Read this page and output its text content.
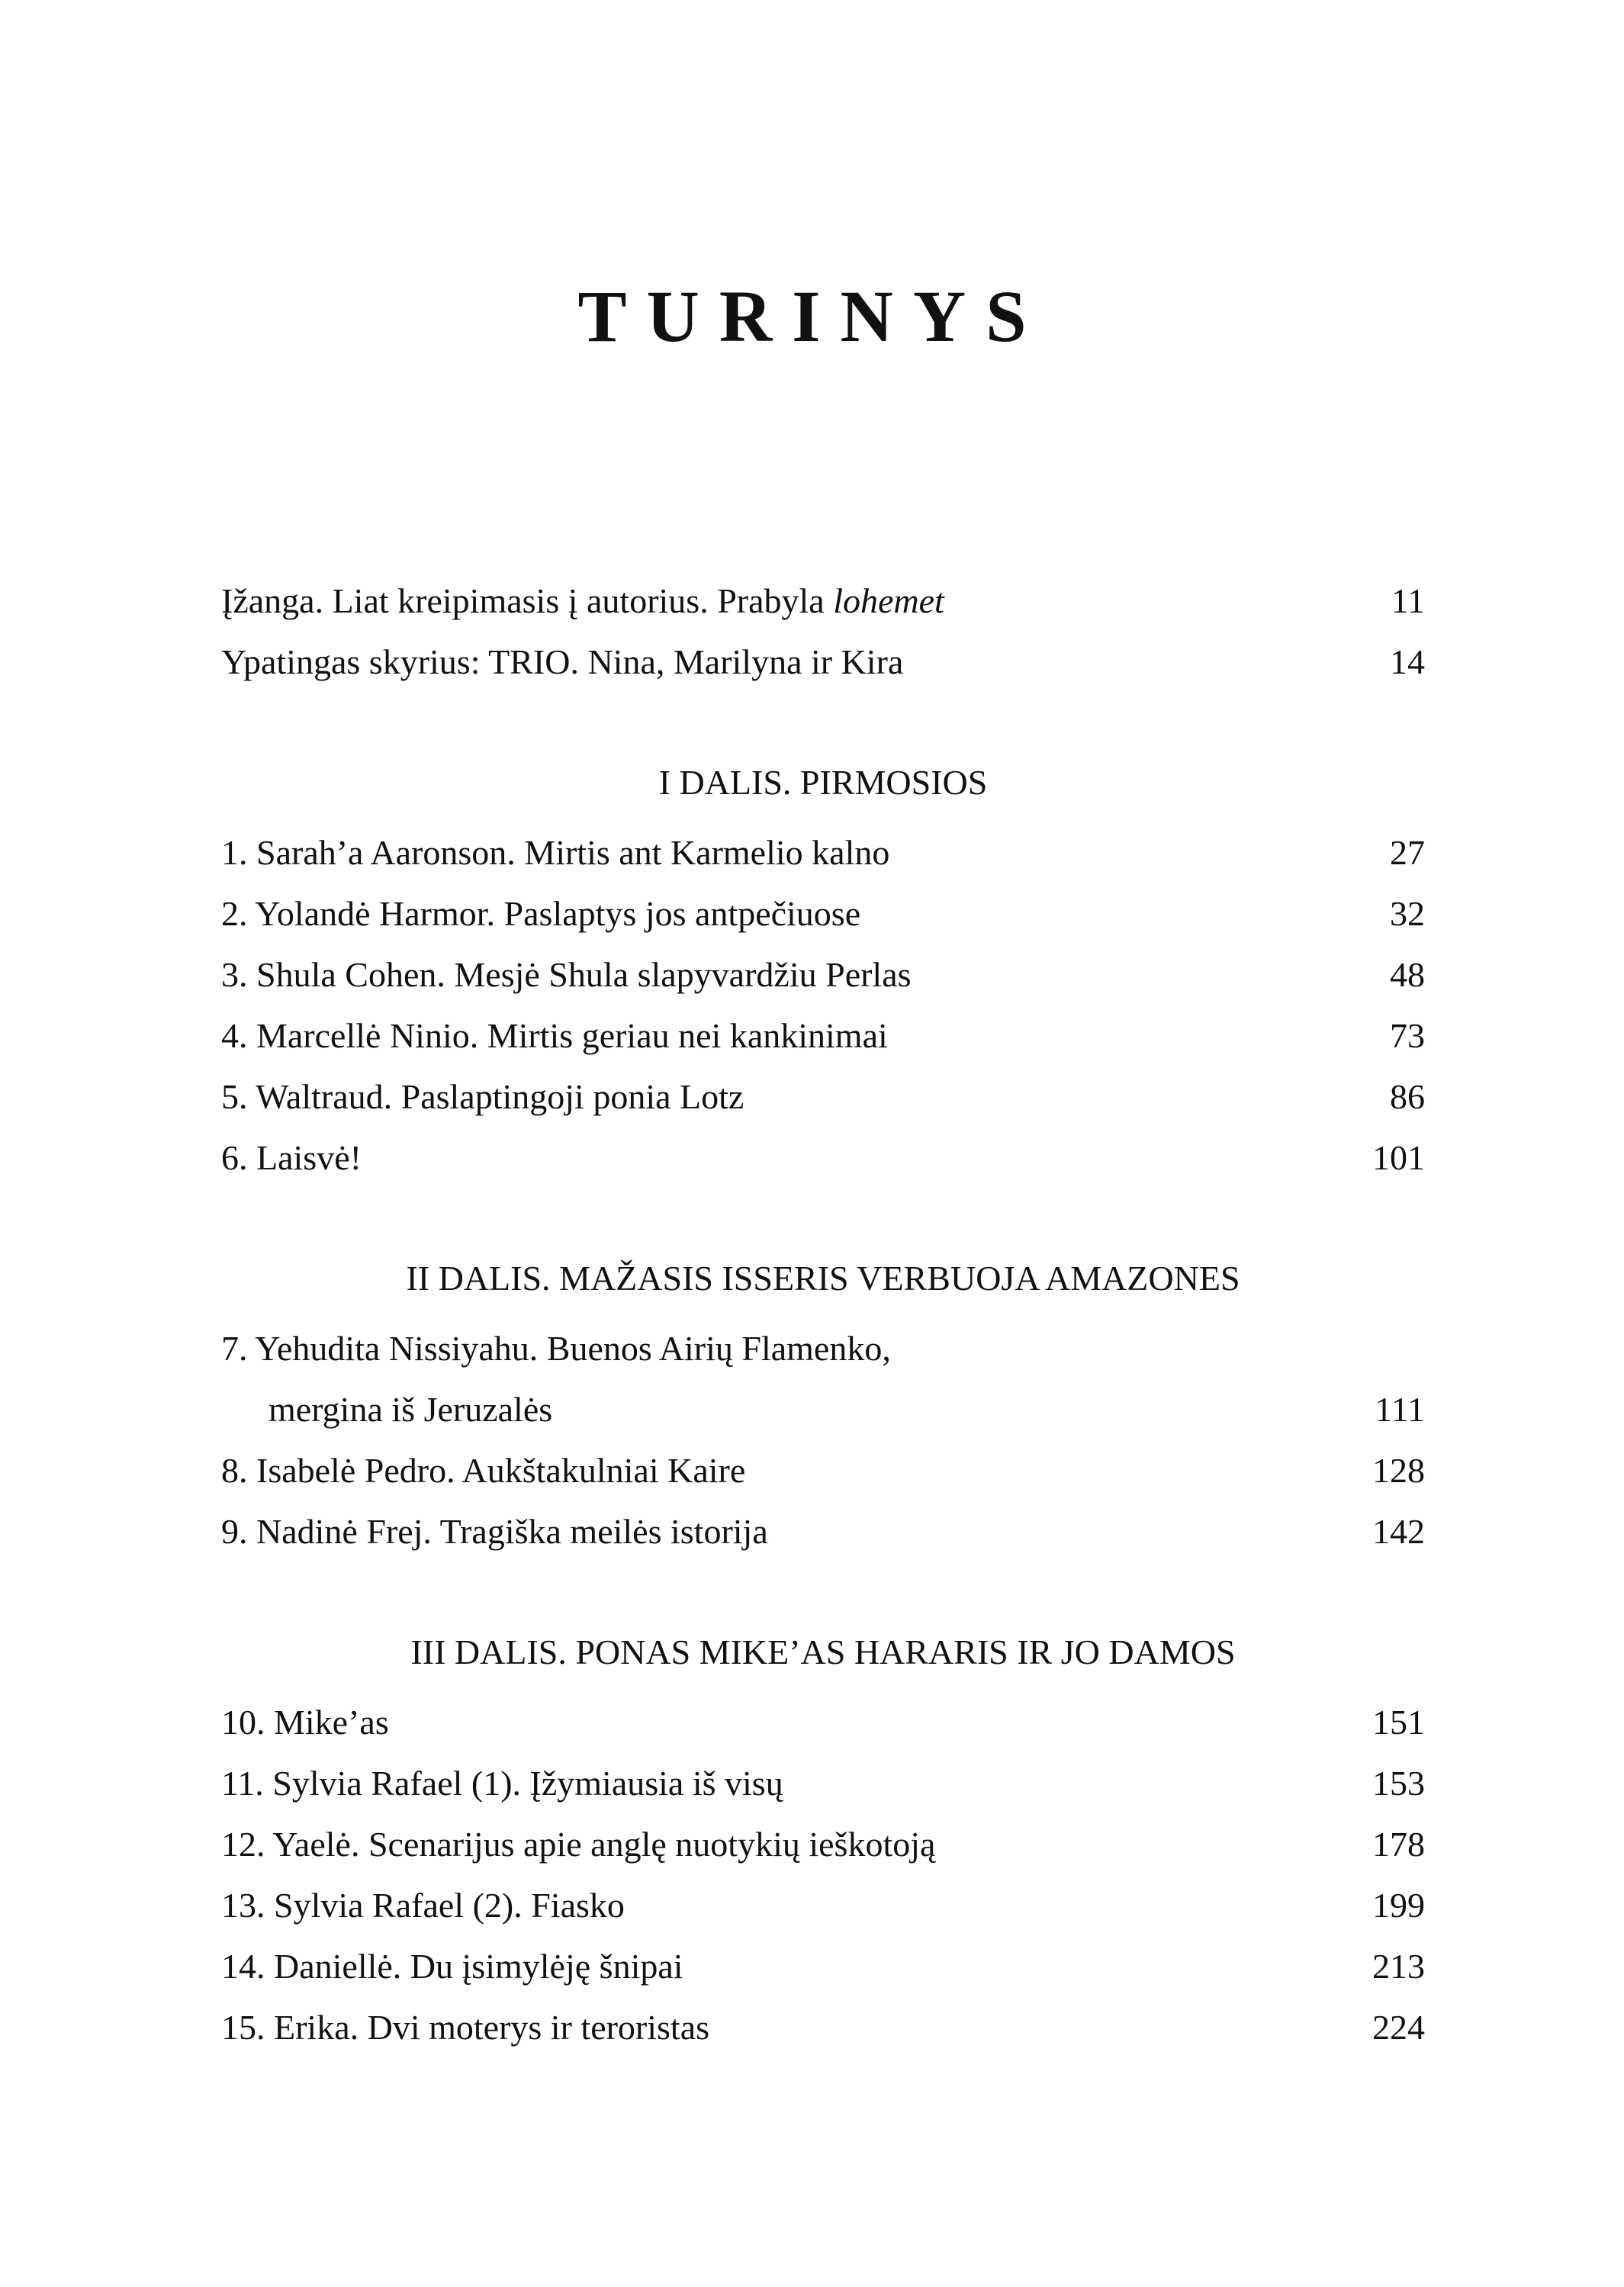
TURINYS
Įžanga. Liat kreipimasis į autorius. Prabyla lohemet	11
Ypatingas skyrius: TRIO. Nina, Marilyna ir Kira	14
I DALIS. PIRMOSIOS
1. Sarah’a Aaronson. Mirtis ant Karmelio kalno	27
2. Yolandė Harmor. Paslaptys jos antpečiuose	32
3. Shula Cohen. Mesjė Shula slapyvardžiu Perlas	48
4. Marcellė Ninio. Mirtis geriau nei kankinimai	73
5. Waltraud. Paslaptingoji ponia Lotz	86
6. Laisvė!	101
II DALIS. MAŽASIS ISSERIS VERBUOJA AMAZONES
7. Yehudita Nissiyahu. Buenos Airių Flamenko,
mergina iš Jeruzalės	111
8. Isabelė Pedro. Aukštakulniai Kaire	128
9. Nadinė Frej. Tragiška meilės istorija	142
III DALIS. PONAS MIKE’AS HARARIS IR JO DAMOS
10. Mike’as	151
11. Sylvia Rafael (1). Įžymiausia iš visų	153
12. Yaelė. Scenarijus apie anglę nuotykių ieškotoją	178
13. Sylvia Rafael (2). Fiasko	199
14. Daniellė. Du įsimylėję šnipai	213
15. Erika. Dvi moterys ir teroristas	224
